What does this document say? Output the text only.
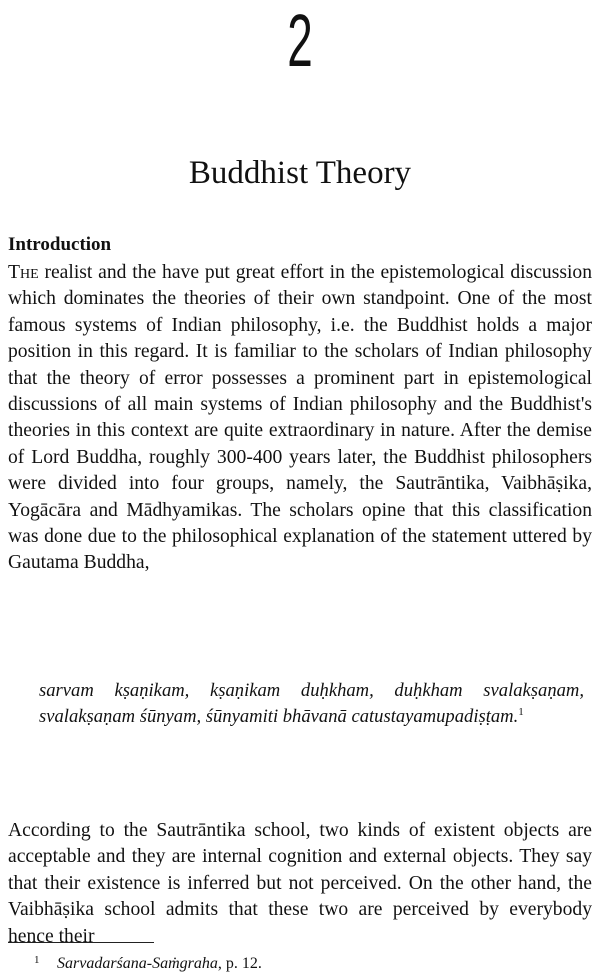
2
Buddhist Theory
Introduction

The realist and the have put great effort in the epistemological discussion which dominates the theories of their own standpoint. One of the most famous systems of Indian philosophy, i.e. the Buddhist holds a major position in this regard. It is familiar to the scholars of Indian philosophy that the theory of error possesses a prominent part in epistemological discussions of all main systems of Indian philosophy and the Buddhist's theories in this context are quite extraordinary in nature. After the demise of Lord Buddha, roughly 300-400 years later, the Buddhist philosophers were divided into four groups, namely, the Sautrāntika, Vaibhāṣika, Yogācāra and Mādhyamikas. The scholars opine that this classification was done due to the philosophical explanation of the statement uttered by Gautama Buddha,

sarvam kṣaṇikam, kṣaṇikam duḥkham, duḥkham svalakṣaṇam, svalakṣaṇam śūnyam, śūnyamiti bhāvanā catustayamupadiṣṭam.$^1$

According to the Sautrāntika school, two kinds of existent objects are acceptable and they are internal cognition and external objects. They say that their existence is inferred but not perceived. On the other hand, the Vaibhāṣika school admits that these two are perceived by everybody hence their

1 Sarvadarśana-Saṁgraha, p. 12.
